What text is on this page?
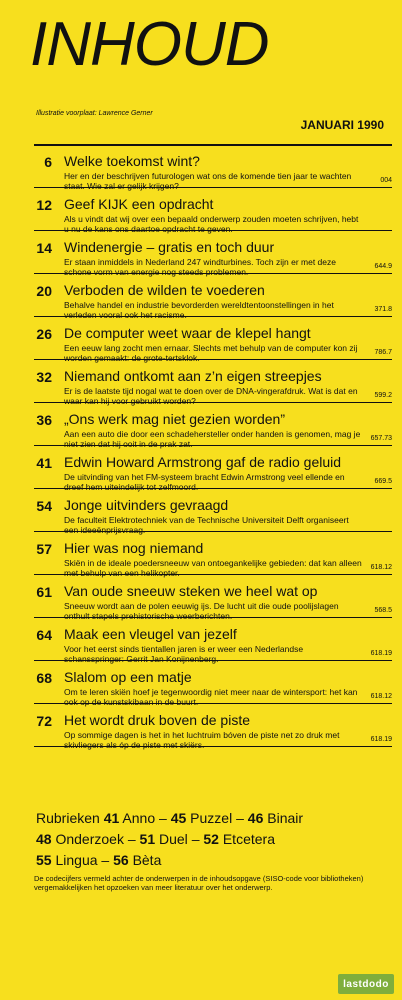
INHOUD
Illustratie voorplaat: Lawrence Gerner
JANUARI 1990
6 Welke toekomst wint?
Her en der beschrijven futurologen wat ons de komende tien jaar te wachten staat. Wie zal er gelijk krijgen?
004
12 Geef KIJK een opdracht
Als u vindt dat wij over een bepaald onderwerp zouden moeten schrijven, hebt u nu de kans ons daartoe opdracht te geven.
14 Windenergie – gratis en toch duur
Er staan inmiddels in Nederland 247 windturbines. Toch zijn er met deze schone vorm van energie nog steeds problemen.
644.9
20 Verboden de wilden te voederen
Behalve handel en industrie bevorderden wereldtentoonstellingen in het verleden vooral ook het racisme.
371.8
26 De computer weet waar de klepel hangt
Een eeuw lang zocht men ernaar. Slechts met behulp van de computer kon zij worden gemaakt: de grote-tertsklok.
786.7
32 Niemand ontkomt aan z’n eigen streepjes
Er is de laatste tijd nogal wat te doen over de DNA-vingerafdruk. Wat is dat en waar kan hij voor gebruikt worden?
599.2
36 „Ons werk mag niet gezien worden”
Aan een auto die door een schadehersteller onder handen is genomen, mag je niet zien dat hij ooit in de prak zat.
657.73
41 Edwin Howard Armstrong gaf de radio geluid
De uitvinding van het FM-systeem bracht Edwin Armstrong veel ellende en dreef hem uiteindelijk tot zelfmoord.
669.5
54 Jonge uitvinders gevraagd
De faculteit Elektrotechniek van de Technische Universiteit Delft organiseert een ideeënprijsvraag.
57 Hier was nog niemand
Skiën in de ideale poedersneeuw van ontoegankelijke gebieden: dat kan alleen met behulp van een helikopter.
618.12
61 Van oude sneeuw steken we heel wat op
Sneeuw wordt aan de polen eeuwig ijs. De lucht uit die oude poolijslagen onthult stapels prehistorische weerberichten.
568.5
64 Maak een vleugel van jezelf
Voor het eerst sinds tientallen jaren is er weer een Nederlandse schansspringer: Gerrit Jan Konijnenberg.
618.19
68 Slalom op een matje
Om te leren skiën hoef je tegenwoordig niet meer naar de wintersport: het kan ook op de kunstskibaan in de buurt.
618.12
72 Het wordt druk boven de piste
Op sommige dagen is het in het luchtruim bóven de piste net zo druk met skivliegers als óp de piste met skiërs.
618.19
Rubrieken 41 Anno – 45 Puzzel – 46 Binair
48 Onderzoek – 51 Duel – 52 Etcetera
55 Lingua – 56 Bèta
De codecijfers vermeld achter de onderwerpen in de inhoudsopgave (SISO-code voor bibliotheken) vergemakkelijken het opzoeken van meer literatuur over het onderwerp.
lastdodo
